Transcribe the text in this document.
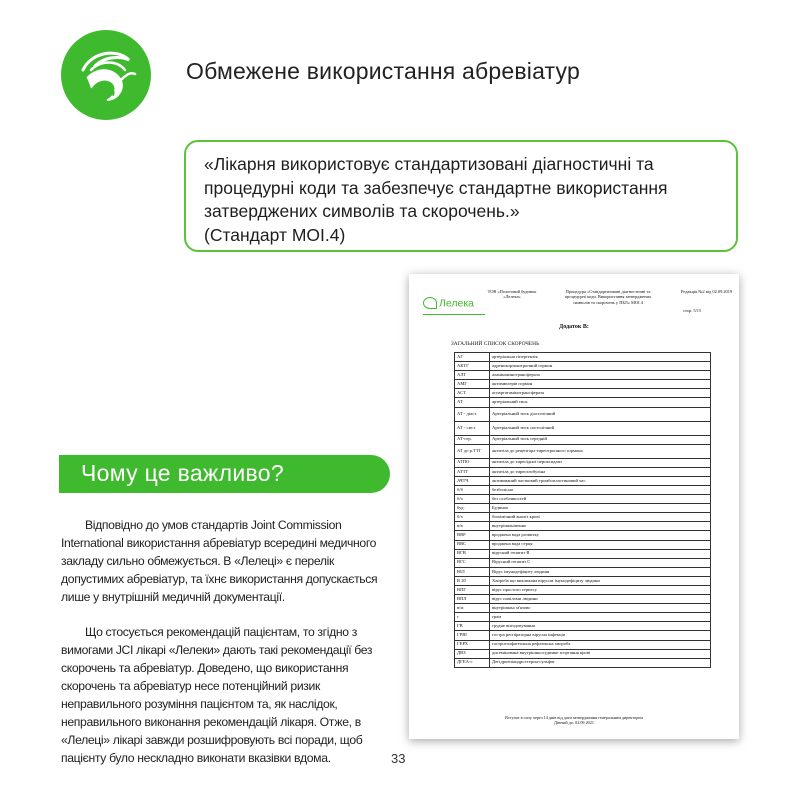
Обмежене використання абревіатур

«Лікарня використовує стандартизовані діагностичні та

процедурні коди та забезпечує стандартне використання

затверджених символів та скорочень.»

(Стандарт МОІ.4)

Лелека
ТОВ «Пологовий будинок «Лелека»
Процедура «Стандартизовані діагностичні та процедурні коди. Використання затверджених символів та скорочень у ПБЛ» МОІ 4
Редакція №2 від 02.09.2019
стор. 5/15
Додаток В:
ЗАГАЛЬНИЙ СПИСОК СКОРОЧЕНЬ
АГ	артеріальна гіпертензія
АКТГ	адренокортикотропний гормон
АЛТ	аланінамінотрансфераза
АМГ	антимюлерів гормон
АСТ	аспартатамінотрансфераза
АТ	артеріальний тиск
АТ - діаст.	Артеріальний тиск діастолічний
АТ - сист.	Артеріальний тиск систолічний
АТ-сер.	Артеріальний тиск середній
АТ до р.ТТГ	антитіла до рецептора тиреотропного гормона
АТПО	антитіла до тиреоїдної пероксидази
АТТГ	антитіла до тиреоглобуліна
АЧТЧ	активований частковий тромбопластиновий час
б/б	безболісна
б/о	без особливостей
буд.	Будинок
б/х	біохімічний аналіз крові
в/в	внутрішньовенно
ВВР	вроджена вада розвитку
ВВС	вроджена вада серця
ВГВ	вірусний гепатит В
ВГС	Вірусний гепатит С
ВІЛ	Вірус імунодефіциту людини
В 20	Хвороба що викликана вірусом імунодефіциту людини
ВПГ	вірус простого герпесу
ВПЛ	вірус папіломи людини
в/м	внутрішньо м'язово
г	грам
ГВ	грудне вигодовування
ГРВІ	гостра респіраторна вірусна інфекція
ГЕРХ	гастроезофагеальна рефлюксна хвороба
ДВЗ	дисемінована внутрішньосудинне згортання крові
ДГЕА-с	Дегідроепіандростерон-сульфат
Вступає в силу через 14 днів від дати затвердження генеральним директором
Діючий до: 02.09.2021
Чому це важливо?

Відповідно до умов стандартів Joint Commission International використання абревіатур всередині медичного закладу сильно обмежується. В «Лелеці» є перелік допустимих абревіатур, та їхнє використання допускається лише у внутрішній медичній документації.

Що стосується рекомендацій пацієнтам, то згідно з вимогами JCI лікарі «Лелеки» дають такі рекомендації без скорочень та абревіатур. Доведено, що використання скорочень та абревіатур несе потенційний ризик неправильного розуміння пацієнтом та, як наслідок, неправильного виконання рекомендацій лікаря. Отже, в «Лелеці» лікарі завжди розшифровують всі поради, щоб пацієнту було нескладно виконати вказівки вдома.	33
